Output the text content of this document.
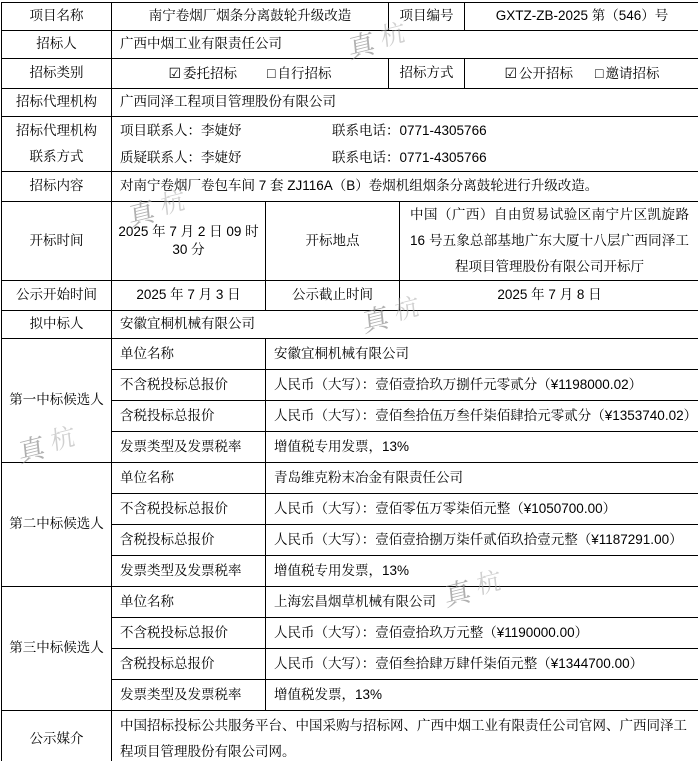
项目名称	南宁卷烟厂烟条分离鼓轮升级改造		项目编号		GXTZ-ZB-2025 第（546）号
招标人	广西中烟工业有限责任公司				
招标类别	☑ 委托招标 □ 自行招标		招标方式		☑ 公开招标 □ 邀请招标

招标代理机构	广西同泽工程项目管理股份有限公司				

招标代理机构
联系方式

项目联系人：李婕妤	联系电话：0771-4305766
质疑联系人：李婕妤	联系电话：0771-4305766

招标内容	对南宁卷烟厂卷包车间 7 套 ZJ116A（B）卷烟机组烟条分离鼓轮进行升级改造。				
开标时间	2025 年 7 月 2 日 09 时 30 分	开标地点		中国（广西）自由贸易试验区南宁片区凯旋路 16 号五象总部基地广东大厦十八层广西同泽工程项目管理股份有限公司开标厅	
公示开始时间	2025 年 7 月 3 日	公示截止时间		2025 年 7 月 8 日	
拟中标人	安徽宜桐机械有限公司				
第一中标候选人	单位名称	安徽宜桐机械有限公司			
	不含税投标总报价	人民币（大写）：壹佰壹拾玖万捌仟元零贰分（¥1198000.02）			
	含税投标总报价	人民币（大写）：壹佰叁拾伍万叁仟柒佰肆拾元零贰分（¥1353740.02）			
	发票类型及发票税率	增值税专用发票，13%			
第二中标候选人	单位名称	青岛维克粉末冶金有限责任公司			
	不含税投标总报价	人民币（大写）：壹佰零伍万零柒佰元整（¥1050700.00）			
	含税投标总报价	人民币（大写）：壹佰壹拾捌万柒仟贰佰玖拾壹元整（¥1187291.00）			
	发票类型及发票税率	增值税专用发票，13%			
第三中标候选人	单位名称	上海宏昌烟草机械有限公司			
	不含税投标总报价	人民币（大写）：壹佰壹拾玖万元整（¥1190000.00）			
	含税投标总报价	人民币（大写）：壹佰叁拾肆万肆仟柒佰元整（¥1344700.00）			
	发票类型及发票税率	增值税发票，13%			
公示媒介	中国招标投标公共服务平台、中国采购与招标网、广西中烟工业有限责任公司官网、广西同泽工程项目管理股份有限公司网。				
真 杭
真 杭
真 杭
真 杭
真 杭
